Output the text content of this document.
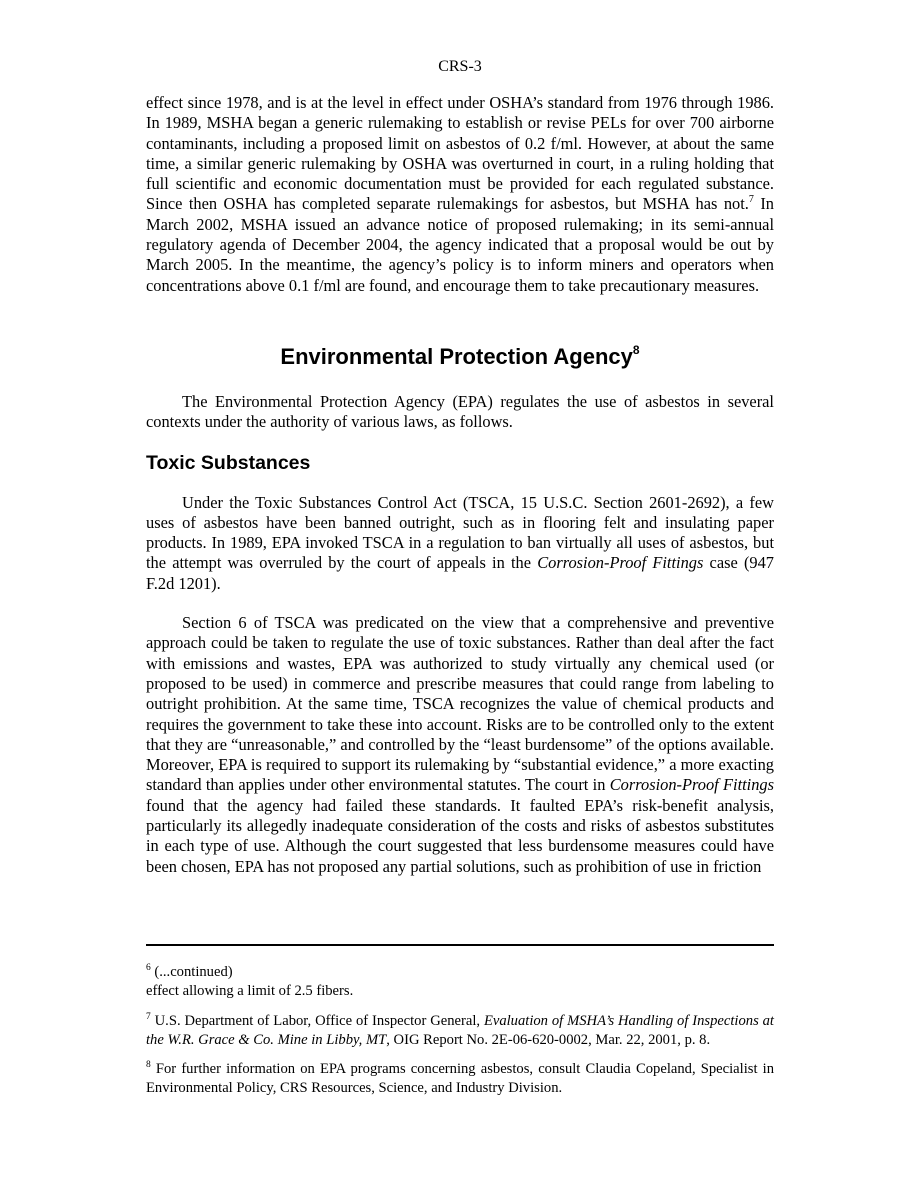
CRS-3

effect since 1978, and is at the level in effect under OSHA’s standard from 1976 through 1986. In 1989, MSHA began a generic rulemaking to establish or revise PELs for over 700 airborne contaminants, including a proposed limit on asbestos of 0.2 f/ml. However, at about the same time, a similar generic rulemaking by OSHA was overturned in court, in a ruling holding that full scientific and economic documentation must be provided for each regulated substance. Since then OSHA has completed separate rulemakings for asbestos, but MSHA has not.$^7$ In March 2002, MSHA issued an advance notice of proposed rulemaking; in its semi-annual regulatory agenda of December 2004, the agency indicated that a proposal would be out by March 2005. In the meantime, the agency’s policy is to inform miners and operators when concentrations above 0.1 f/ml are found, and encourage them to take precautionary measures.

Environmental Protection Agency$^8$

The Environmental Protection Agency (EPA) regulates the use of asbestos in several contexts under the authority of various laws, as follows.

Toxic Substances

Under the Toxic Substances Control Act (TSCA, 15 U.S.C. Section 2601-2692), a few uses of asbestos have been banned outright, such as in flooring felt and insulating paper products. In 1989, EPA invoked TSCA in a regulation to ban virtually all uses of asbestos, but the attempt was overruled by the court of appeals in the Corrosion-Proof Fittings case (947 F.2d 1201).

Section 6 of TSCA was predicated on the view that a comprehensive and preventive approach could be taken to regulate the use of toxic substances. Rather than deal after the fact with emissions and wastes, EPA was authorized to study virtually any chemical used (or proposed to be used) in commerce and prescribe measures that could range from labeling to outright prohibition. At the same time, TSCA recognizes the value of chemical products and requires the government to take these into account. Risks are to be controlled only to the extent that they are “unreasonable,” and controlled by the “least burdensome” of the options available. Moreover, EPA is required to support its rulemaking by “substantial evidence,” a more exacting standard than applies under other environmental statutes. The court in Corrosion-Proof Fittings found that the agency had failed these standards. It faulted EPA’s risk-benefit analysis, particularly its allegedly inadequate consideration of the costs and risks of asbestos substitutes in each type of use. Although the court suggested that less burdensome measures could have been chosen, EPA has not proposed any partial solutions, such as prohibition of use in friction

$^6$ (...continued)

effect allowing a limit of 2.5 fibers.

$^7$ U.S. Department of Labor, Office of Inspector General, Evaluation of MSHA’s Handling of Inspections at the W.R. Grace & Co. Mine in Libby, MT, OIG Report No. 2E-06-620-0002, Mar. 22, 2001, p. 8.

$^8$ For further information on EPA programs concerning asbestos, consult Claudia Copeland, Specialist in Environmental Policy, CRS Resources, Science, and Industry Division.
